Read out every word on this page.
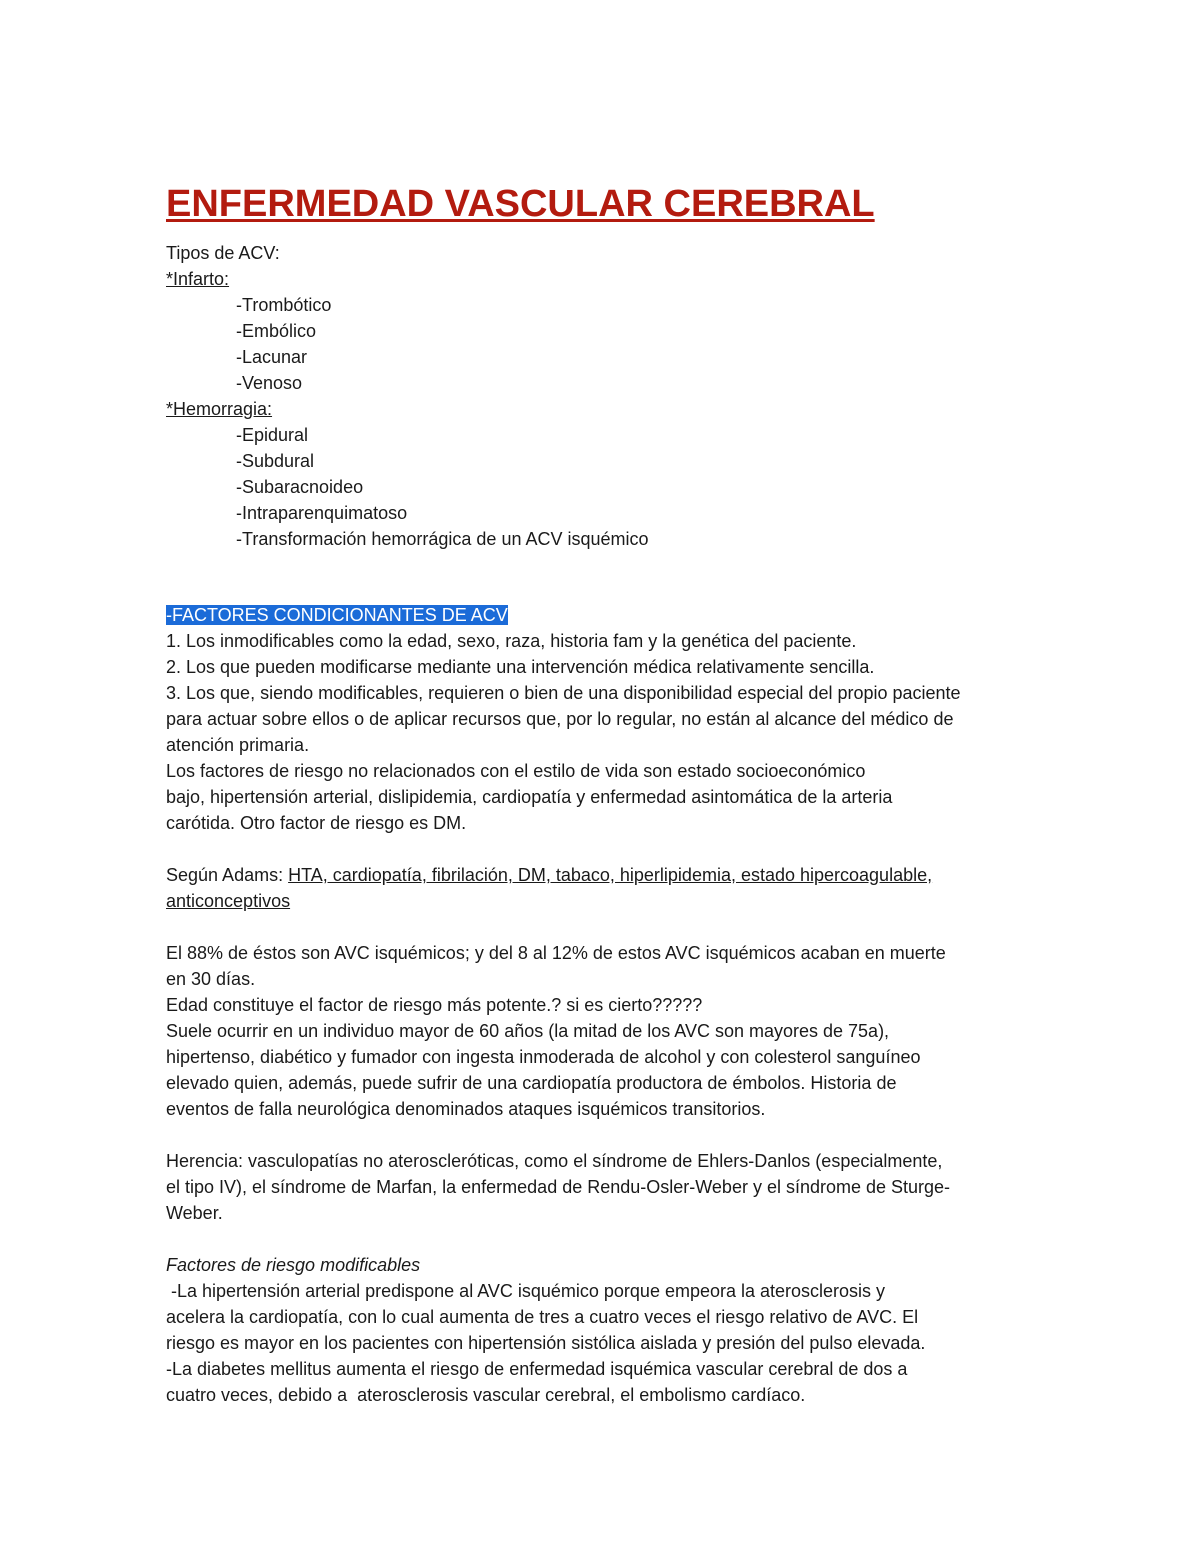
ENFERMEDAD VASCULAR CEREBRAL
Tipos de ACV:
*Infarto:
-Trombótico
-Embólico
-Lacunar
-Venoso
*Hemorragia:
-Epidural
-Subdural
-Subaracnoideo
-Intraparenquimatoso
-Transformación hemorrágica de un ACV isquémico
-FACTORES CONDICIONANTES DE ACV
1. Los inmodificables como la edad, sexo, raza, historia fam y la genética del paciente.
2. Los que pueden modificarse mediante una intervención médica relativamente sencilla.
3. Los que, siendo modificables, requieren o bien de una disponibilidad especial del propio paciente
para actuar sobre ellos o de aplicar recursos que, por lo regular, no están al alcance del médico de
atención primaria.
Los factores de riesgo no relacionados con el estilo de vida son estado socioeconómico
bajo, hipertensión arterial, dislipidemia, cardiopatía y enfermedad asintomática de la arteria
carótida. Otro factor de riesgo es DM.
Según Adams: HTA, cardiopatía, fibrilación, DM, tabaco, hiperlipidemia, estado hipercoagulable,
anticonceptivos
El 88% de éstos son AVC isquémicos; y del 8 al 12% de estos AVC isquémicos acaban en muerte
en 30 días.
Edad constituye el factor de riesgo más potente.? si es cierto?????
Suele ocurrir en un individuo mayor de 60 años (la mitad de los AVC son mayores de 75a),
hipertenso, diabético y fumador con ingesta inmoderada de alcohol y con colesterol sanguíneo
elevado quien, además, puede sufrir de una cardiopatía productora de émbolos. Historia de
eventos de falla neurológica denominados ataques isquémicos transitorios.
Herencia: vasculopatías no ateroscleróticas, como el síndrome de Ehlers-Danlos (especialmente,
el tipo IV), el síndrome de Marfan, la enfermedad de Rendu-Osler-Weber y el síndrome de Sturge-
Weber.
Factores de riesgo modificables
-La hipertensión arterial predispone al AVC isquémico porque empeora la aterosclerosis y
acelera la cardiopatía, con lo cual aumenta de tres a cuatro veces el riesgo relativo de AVC. El
riesgo es mayor en los pacientes con hipertensión sistólica aislada y presión del pulso elevada.
-La diabetes mellitus aumenta el riesgo de enfermedad isquémica vascular cerebral de dos a
cuatro veces, debido a  aterosclerosis vascular cerebral, el embolismo cardíaco.
